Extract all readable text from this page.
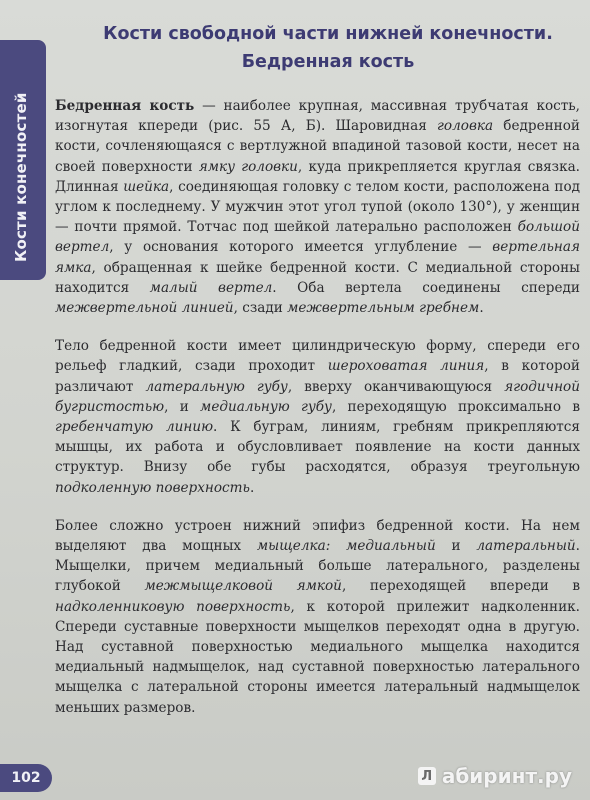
Кости конечностей
Кости свободной части нижней конечности.
Бедренная кость

Бедренная кость — наиболее крупная, массивная трубчатая кость, изогнутая кпереди (рис. 55 А, Б). Шаровидная головка бедренной кости, сочленяющаяся с вертлужной впадиной тазовой кости, несет на своей поверхности ямку головки, куда прикрепляется круглая связка. Длинная шейка, соединяющая головку с телом кости, расположена под углом к последнему. У мужчин этот угол тупой (около 130°), у женщин — почти прямой. Тотчас под шейкой латерально расположен большой вертел, у основания которого имеется углубление — вертельная ямка, обращенная к шейке бедренной кости. С медиальной стороны находится малый вертел. Оба вертела соединены спереди межвертельной линией, сзади межвертельным гребнем.

Тело бедренной кости имеет цилиндрическую форму, спереди его рельеф гладкий, сзади проходит шероховатая линия, в которой различают латеральную губу, вверху оканчивающуюся ягодичной бугристостью, и медиальную губу, переходящую проксимально в гребенчатую линию. К буграм, линиям, гребням прикрепляются мышцы, их работа и обусловливает появление на кости данных структур. Внизу обе губы расходятся, образуя треугольную подколенную поверхность.

Более сложно устроен нижний эпифиз бедренной кости. На нем выделяют два мощных мыщелка: медиальный и латеральный. Мыщелки, причем медиальный больше латерального, разделены глубокой межмыщелковой ямкой, переходящей впереди в надколенниковую поверхность, к которой прилежит надколенник. Спереди суставные поверхности мыщелков переходят одна в другую. Над суставной поверхностью медиального мыщелка находится медиальный надмыщелок, над суставной поверхностью латерального мыщелка с латеральной стороны имеется латеральный надмыщелок меньших размеров.

102	Л абиринт.ру
